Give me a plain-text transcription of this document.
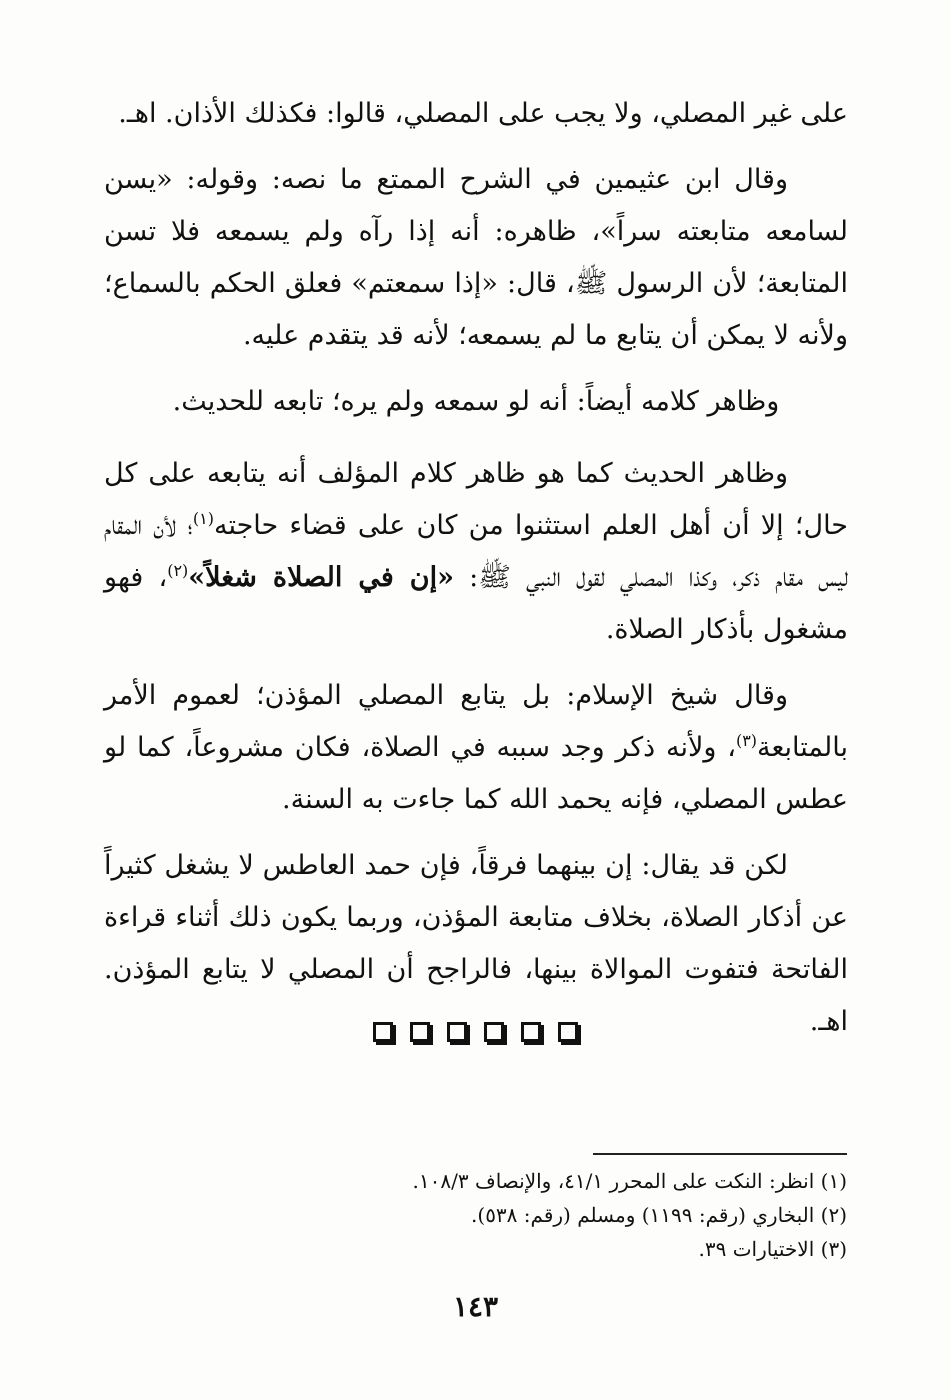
على غير المصلي، ولا يجب على المصلي، قالوا: فكذلك الأذان. اهـ.

وقال ابن عثيمين في الشرح الممتع ما نصه: وقوله: «يسن لسامعه متابعته سراً»، ظاهره: أنه إذا رآه ولم يسمعه فلا تسن المتابعة؛ لأن الرسول ﷺ، قال: «إذا سمعتم» فعلق الحكم بالسماع؛ ولأنه لا يمكن أن يتابع ما لم يسمعه؛ لأنه قد يتقدم عليه.

وظاهر كلامه أيضاً: أنه لو سمعه ولم يره؛ تابعه للحديث.

وظاهر الحديث كما هو ظاهر كلام المؤلف أنه يتابعه على كل حال؛ إلا أن أهل العلم استثنوا من كان على قضاء حاجته$^{(١)}$؛ لأن المقام ليس مقام ذكر، وكذا المصلي لقول النبي ﷺ: «إن في الصلاة شغلاً»$^{(٢)}$، فهو مشغول بأذكار الصلاة.

وقال شيخ الإسلام: بل يتابع المصلي المؤذن؛ لعموم الأمر بالمتابعة$^{(٣)}$، ولأنه ذكر وجد سببه في الصلاة، فكان مشروعاً، كما لو عطس المصلي، فإنه يحمد الله كما جاءت به السنة.

لكن قد يقال: إن بينهما فرقاً، فإن حمد العاطس لا يشغل كثيراً عن أذكار الصلاة، بخلاف متابعة المؤذن، وربما يكون ذلك أثناء قراءة الفاتحة فتفوت الموالاة بينها، فالراجح أن المصلي لا يتابع المؤذن. اهـ.

(١) انظر: النكت على المحرر ٤١/١، والإنصاف ١٠٨/٣.

(٢) البخاري (رقم: ١١٩٩) ومسلم (رقم: ٥٣٨).

(٣) الاختيارات ٣٩.

١٤٣
